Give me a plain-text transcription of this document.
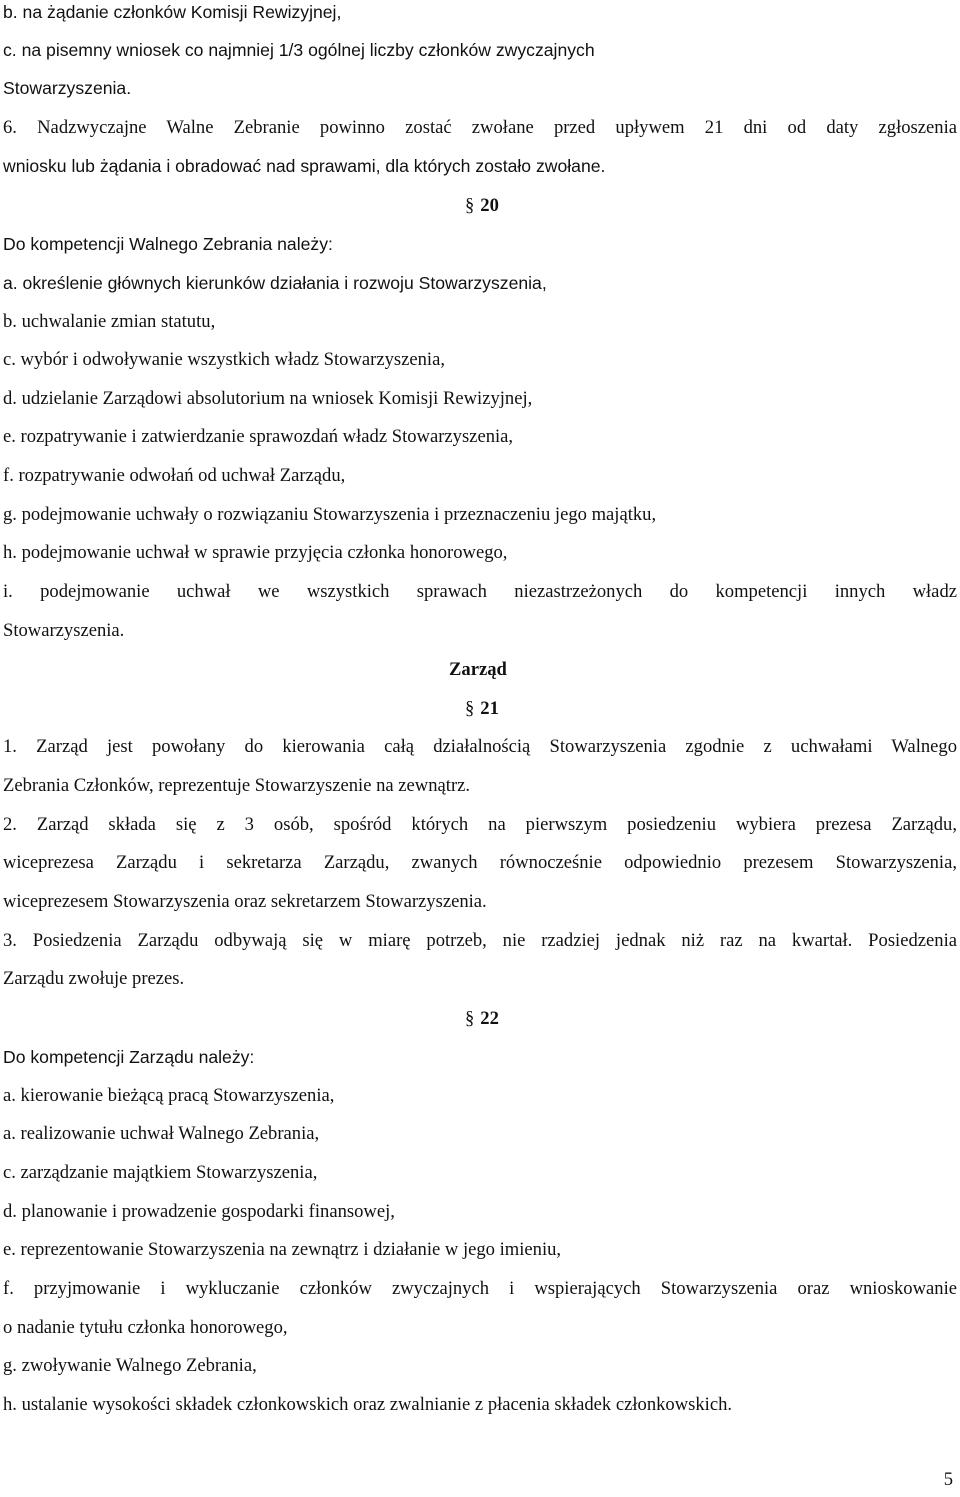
b. na żądanie członków Komisji Rewizyjnej,
c. na pisemny wniosek co najmniej 1/3 ogólnej liczby członków zwyczajnych
Stowarzyszenia.
6. Nadzwyczajne Walne Zebranie powinno zostać zwołane przed upływem 21 dni od daty zgłoszenia
wniosku lub żądania i obradować nad sprawami, dla których zostało zwołane.
§ 20
Do kompetencji Walnego Zebrania należy:
a. określenie głównych kierunków działania i rozwoju Stowarzyszenia,
b. uchwalanie zmian statutu,
c. wybór i odwoływanie wszystkich władz Stowarzyszenia,
d. udzielanie Zarządowi absolutorium na wniosek Komisji Rewizyjnej,
e. rozpatrywanie i zatwierdzanie sprawozdań władz Stowarzyszenia,
f. rozpatrywanie odwołań od uchwał Zarządu,
g. podejmowanie uchwały o rozwiązaniu Stowarzyszenia i przeznaczeniu jego majątku,
h. podejmowanie uchwał w sprawie przyjęcia członka honorowego,
i. podejmowanie uchwał we wszystkich sprawach niezastrzeżonych do kompetencji innych władz
Stowarzyszenia.
Zarząd
§ 21
1. Zarząd jest powołany do kierowania całą działalnością Stowarzyszenia zgodnie z uchwałami Walnego
Zebrania Członków, reprezentuje Stowarzyszenie na zewnątrz.
2. Zarząd składa się z 3 osób, spośród których na pierwszym posiedzeniu wybiera prezesa Zarządu,
wiceprezesa Zarządu i sekretarza Zarządu, zwanych równocześnie odpowiednio prezesem Stowarzyszenia,
wiceprezesem Stowarzyszenia oraz sekretarzem Stowarzyszenia.
3. Posiedzenia Zarządu odbywają się w miarę potrzeb, nie rzadziej jednak niż raz na kwartał. Posiedzenia
Zarządu zwołuje prezes.
§ 22
Do kompetencji Zarządu należy:
a. kierowanie bieżącą pracą Stowarzyszenia,
a. realizowanie uchwał Walnego Zebrania,
c. zarządzanie majątkiem Stowarzyszenia,
d. planowanie i prowadzenie gospodarki finansowej,
e. reprezentowanie Stowarzyszenia na zewnątrz i działanie w jego imieniu,
f. przyjmowanie i wykluczanie członków zwyczajnych i wspierających Stowarzyszenia oraz wnioskowanie
o nadanie tytułu członka honorowego,
g. zwoływanie Walnego Zebrania,
h. ustalanie wysokości składek członkowskich oraz zwalnianie z płacenia składek członkowskich.
5
